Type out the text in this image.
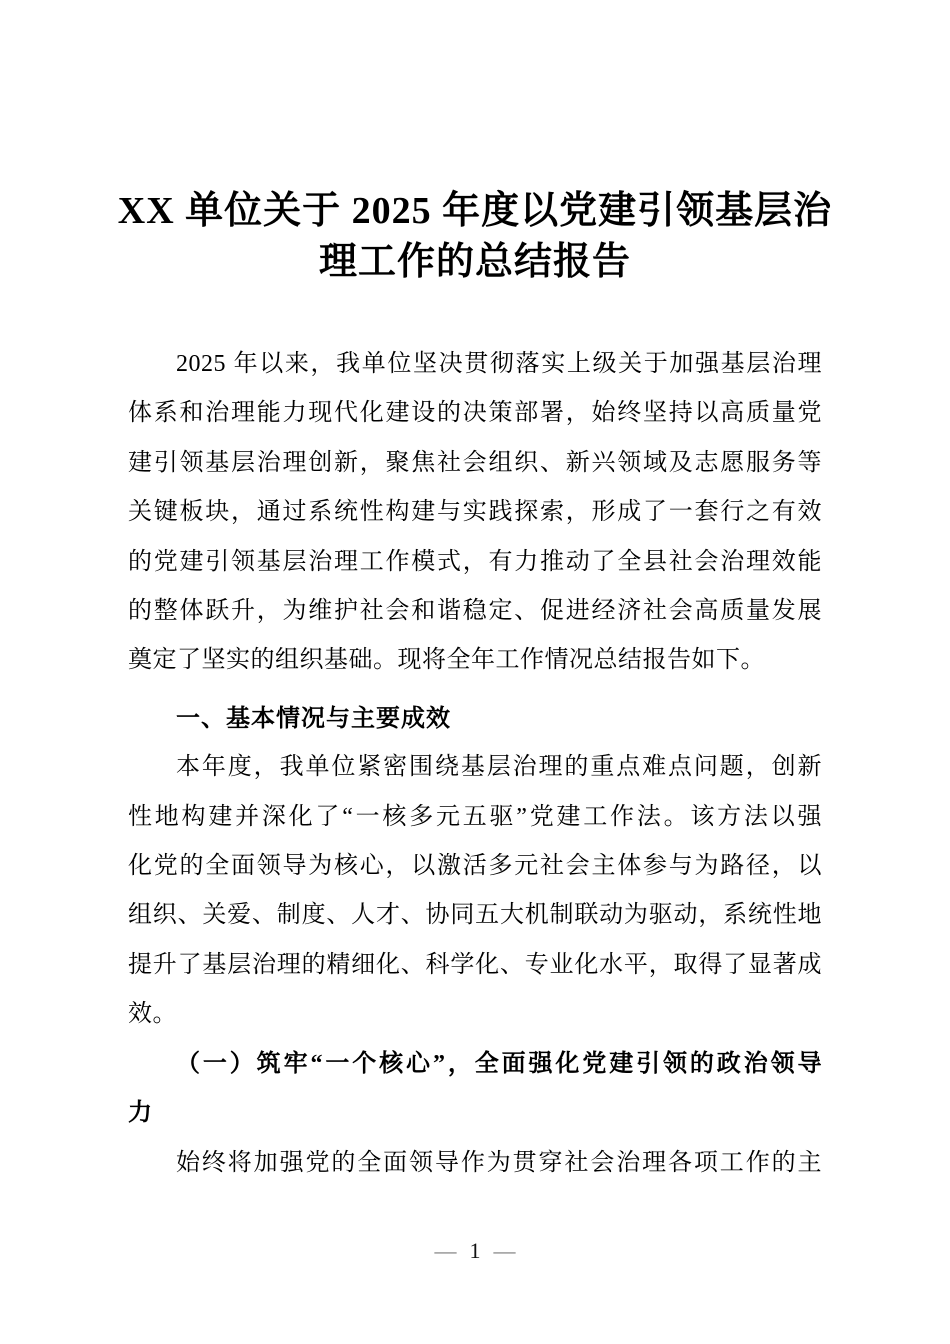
XX 单位关于 2025 年度以党建引领基层治
理工作的总结报告
2025 年以来，我单位坚决贯彻落实上级关于加强基层治理
体系和治理能力现代化建设的决策部署，始终坚持以高质量党
建引领基层治理创新，聚焦社会组织、新兴领域及志愿服务等
关键板块，通过系统性构建与实践探索，形成了一套行之有效
的党建引领基层治理工作模式，有力推动了全县社会治理效能
的整体跃升，为维护社会和谐稳定、促进经济社会高质量发展
奠定了坚实的组织基础。现将全年工作情况总结报告如下。
一、基本情况与主要成效
本年度，我单位紧密围绕基层治理的重点难点问题，创新
性地构建并深化了“一核多元五驱”党建工作法。该方法以强
化党的全面领导为核心，以激活多元社会主体参与为路径，以
组织、关爱、制度、人才、协同五大机制联动为驱动，系统性地
提升了基层治理的精细化、科学化、专业化水平，取得了显著成
效。
（一）筑牢“一个核心”，全面强化党建引领的政治领导
力
始终将加强党的全面领导作为贯穿社会治理各项工作的主
— 1 —
